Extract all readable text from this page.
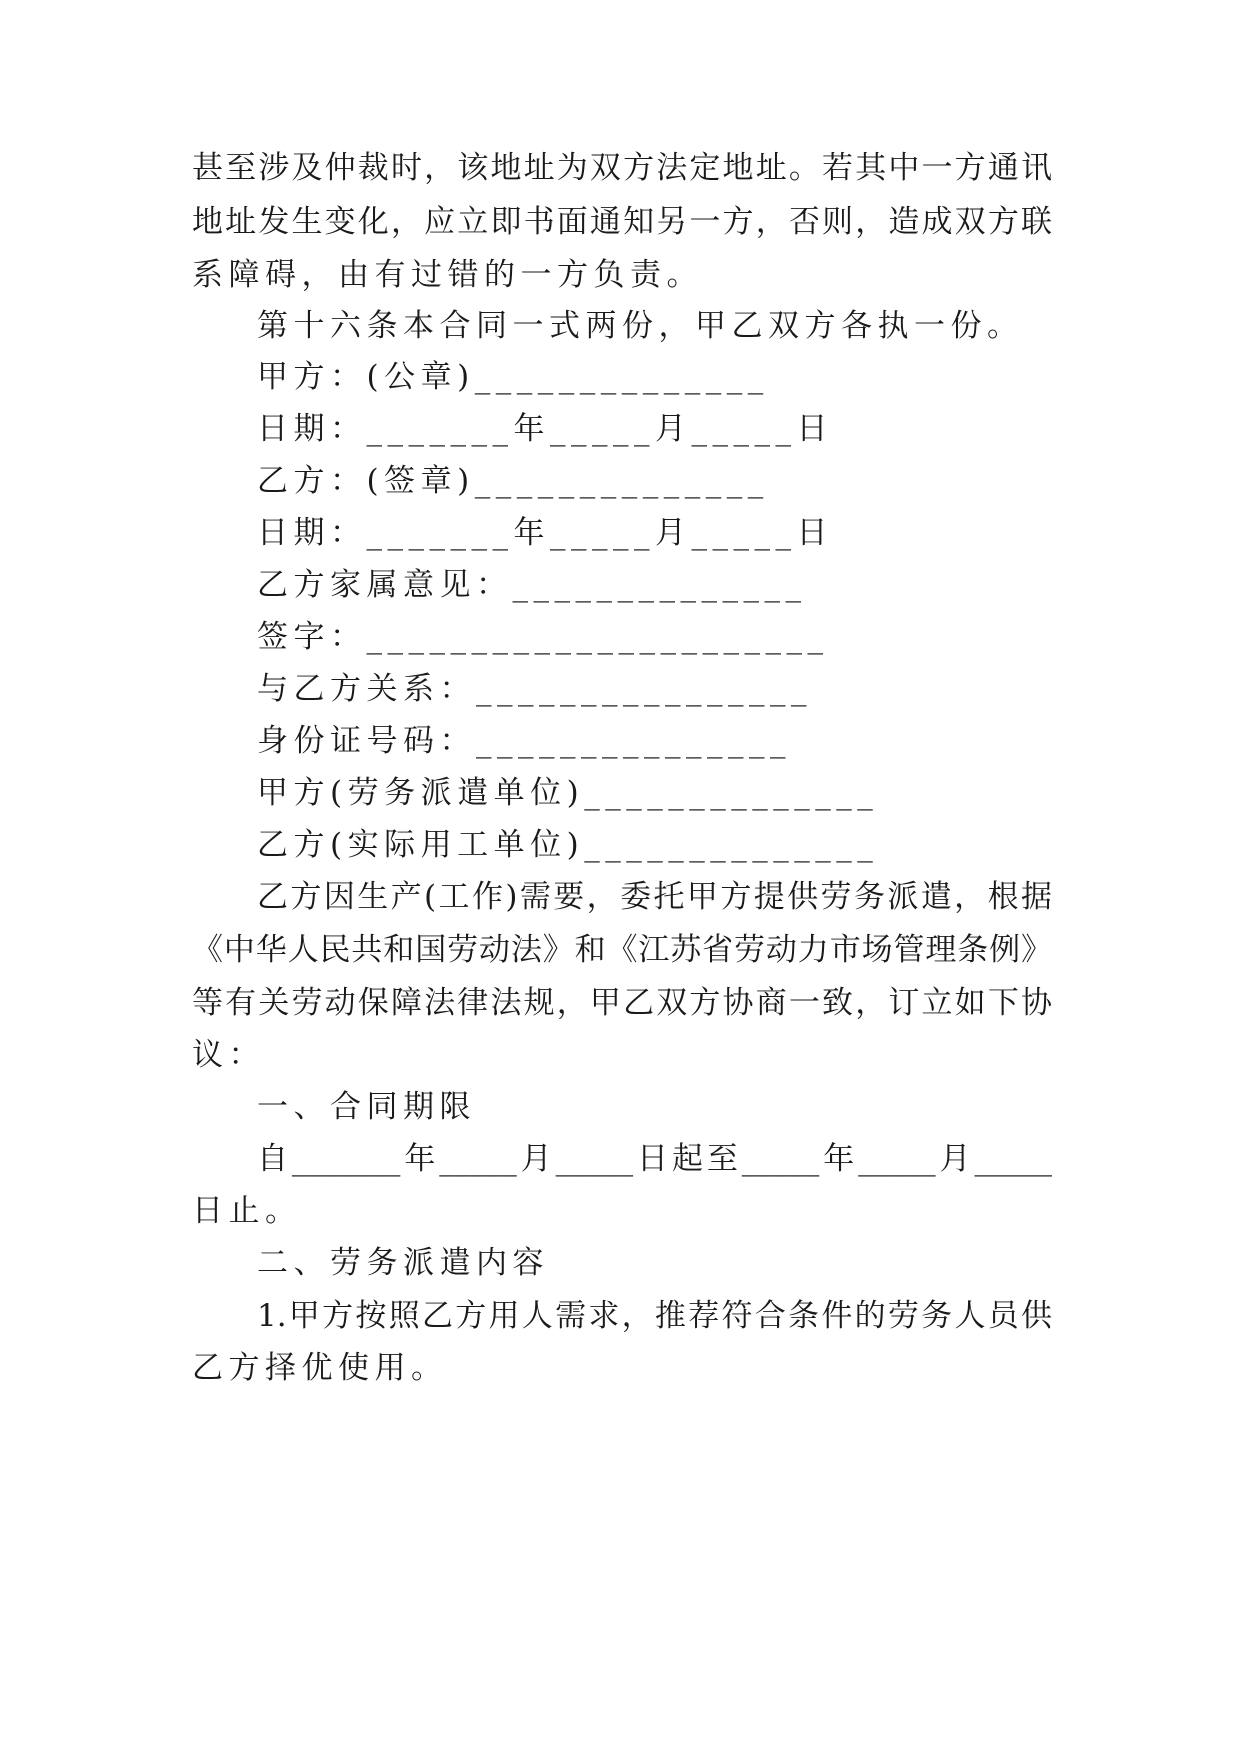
甚至涉及仲裁时，该地址为双方法定地址。若其中一方通讯
地址发生变化，应立即书面通知另一方，否则，造成双方联
系障碍，由有过错的一方负责。
第十六条本合同一式两份，甲乙双方各执一份。
甲方：(公章)______________
日期：_______年_____月_____日
乙方：(签章)______________
日期：_______年_____月_____日
乙方家属意见：______________
签字：______________________
与乙方关系：________________
身份证号码：_______________
甲方(劳务派遣单位)______________
乙方(实际用工单位)______________
乙方因生产(工作)需要，委托甲方提供劳务派遣，根据
《中华人民共和国劳动法》和《江苏省劳动力市场管理条例》
等有关劳动保障法律法规，甲乙双方协商一致，订立如下协
议：
一、合同期限
自_______年_____月_____日起至_____年_____月_____
日止。
二、劳务派遣内容
1.甲方按照乙方用人需求，推荐符合条件的劳务人员供
乙方择优使用。
